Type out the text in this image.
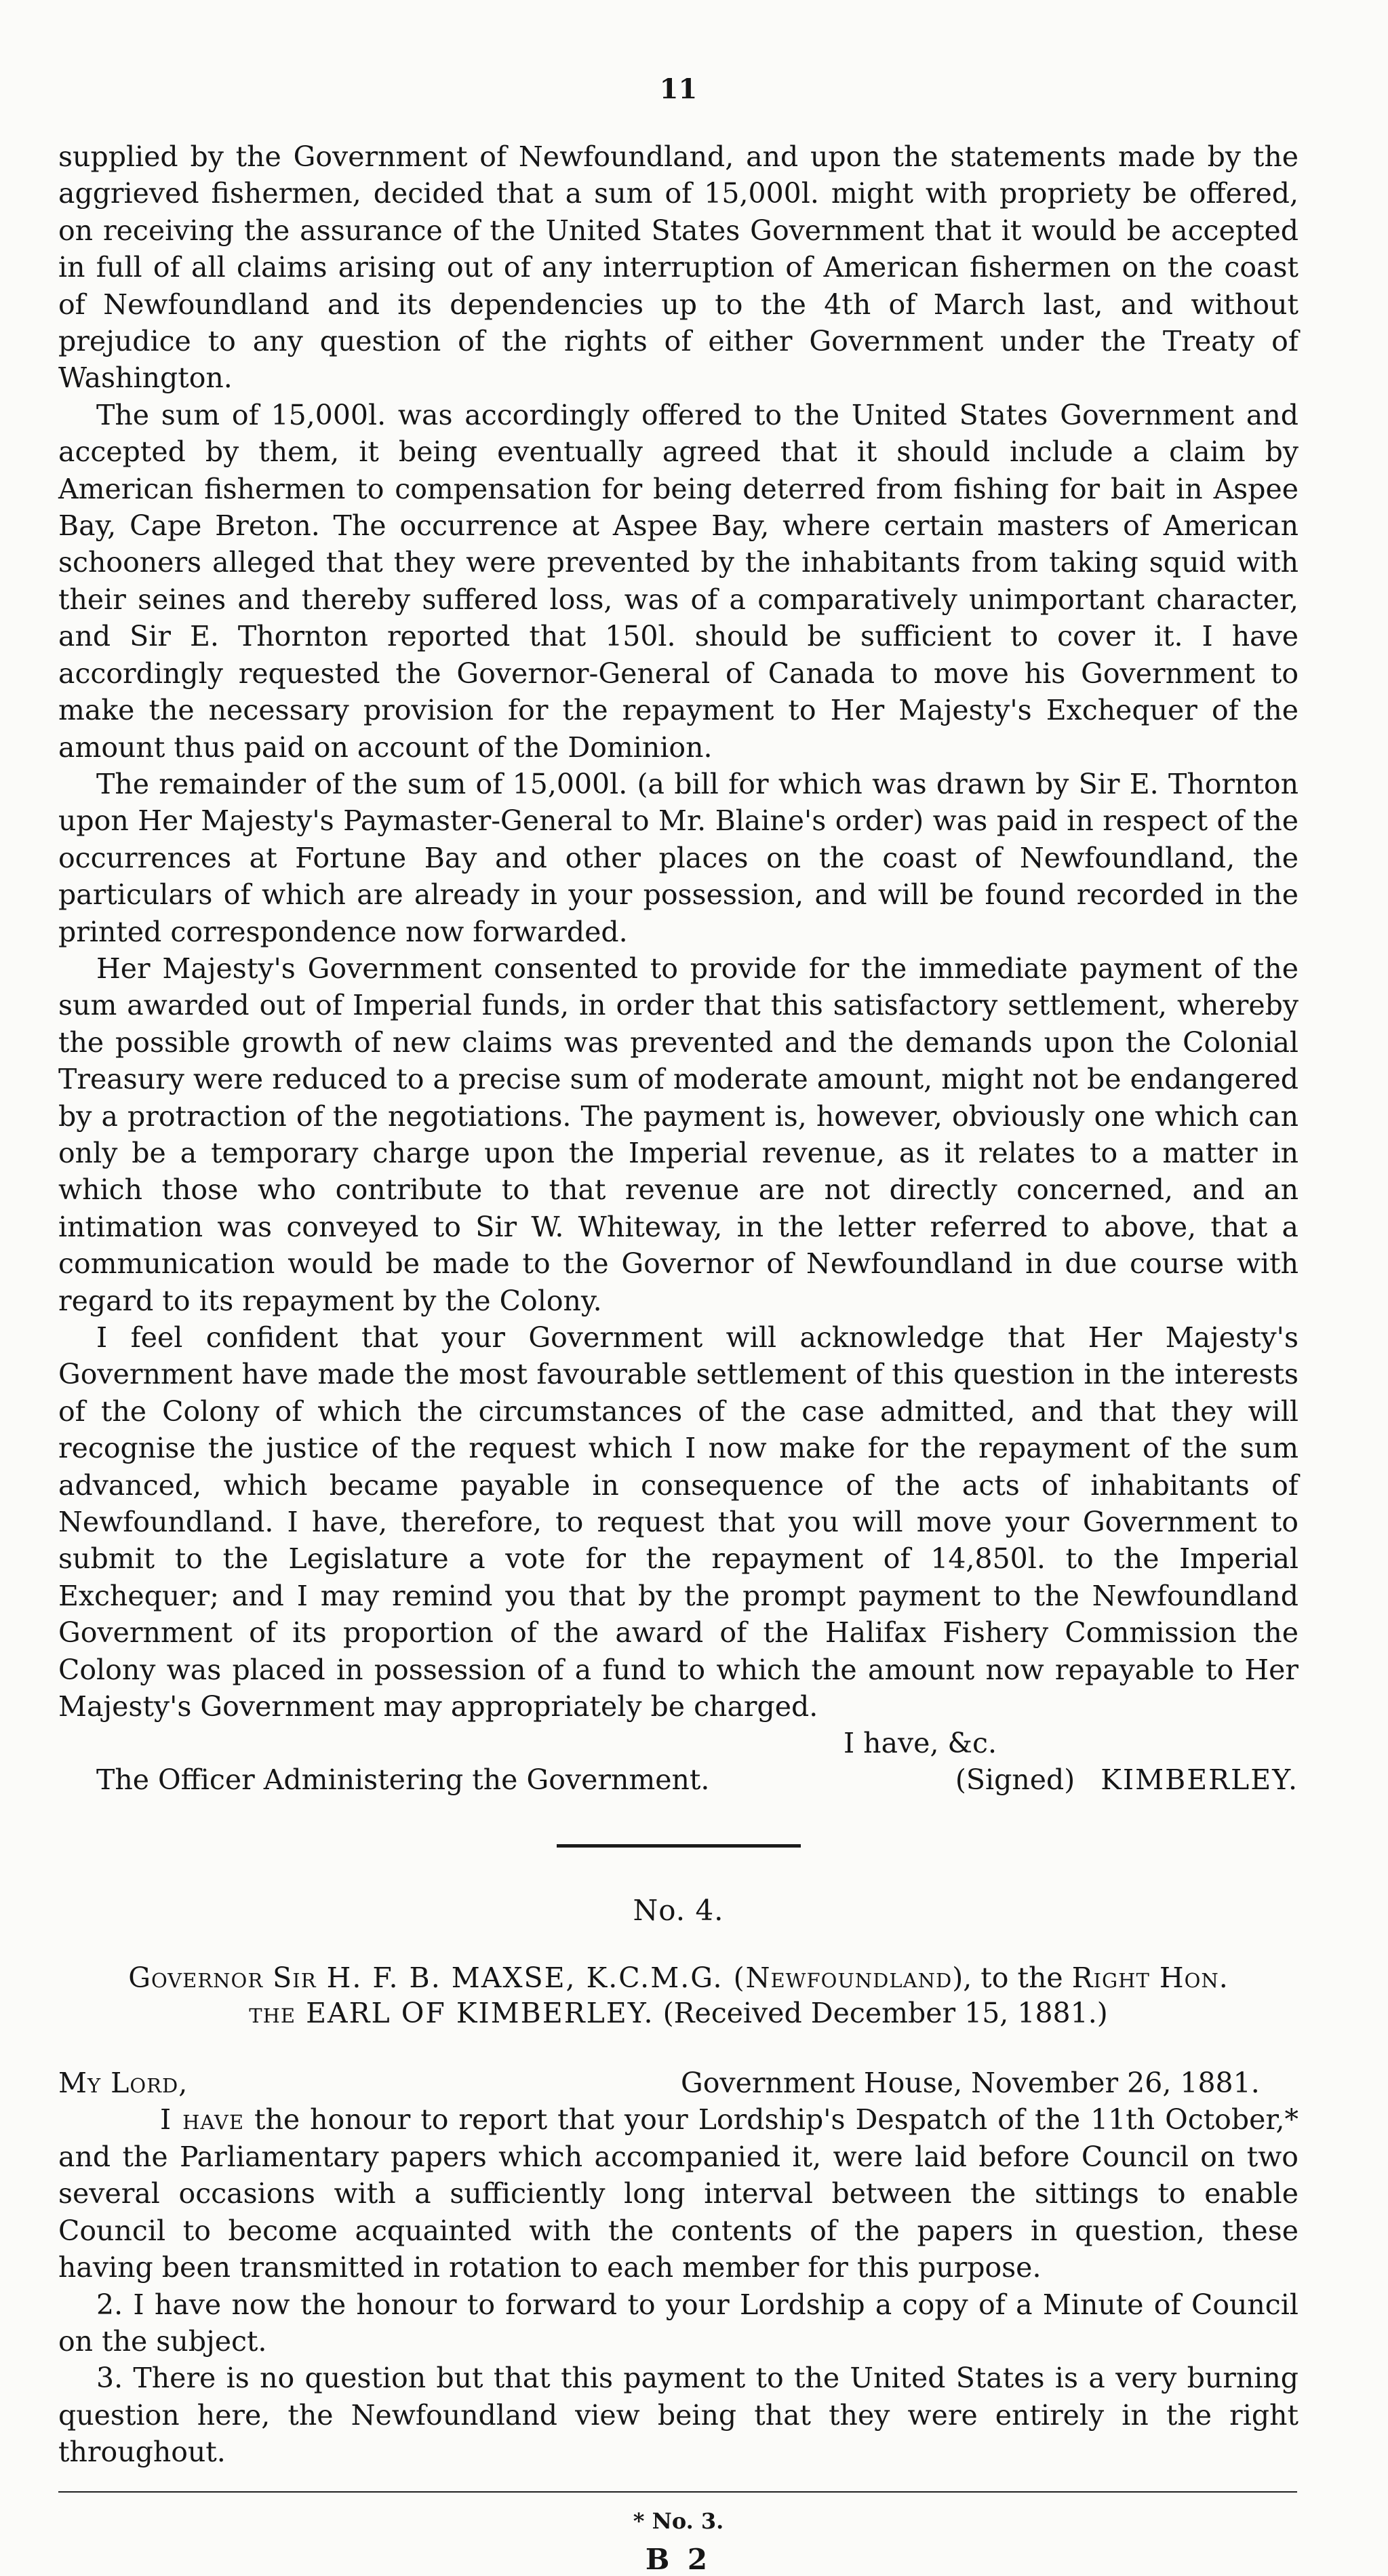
11

supplied by the Government of Newfoundland, and upon the statements made by the aggrieved fishermen, decided that a sum of 15,000l. might with propriety be offered, on receiving the assurance of the United States Government that it would be accepted in full of all claims arising out of any interruption of American fishermen on the coast of Newfoundland and its dependencies up to the 4th of March last, and without prejudice to any question of the rights of either Government under the Treaty of Washington.

The sum of 15,000l. was accordingly offered to the United States Government and accepted by them, it being eventually agreed that it should include a claim by American fishermen to compensation for being deterred from fishing for bait in Aspee Bay, Cape Breton. The occurrence at Aspee Bay, where certain masters of American schooners alleged that they were prevented by the inhabitants from taking squid with their seines and thereby suffered loss, was of a comparatively unimportant character, and Sir E. Thornton reported that 150l. should be sufficient to cover it. I have accordingly requested the Governor-General of Canada to move his Government to make the necessary provision for the repayment to Her Majesty's Exchequer of the amount thus paid on account of the Dominion.

The remainder of the sum of 15,000l. (a bill for which was drawn by Sir E. Thornton upon Her Majesty's Paymaster-General to Mr. Blaine's order) was paid in respect of the occurrences at Fortune Bay and other places on the coast of Newfoundland, the particulars of which are already in your possession, and will be found recorded in the printed correspondence now forwarded.

Her Majesty's Government consented to provide for the immediate payment of the sum awarded out of Imperial funds, in order that this satisfactory settlement, whereby the possible growth of new claims was prevented and the demands upon the Colonial Treasury were reduced to a precise sum of moderate amount, might not be endangered by a protraction of the negotiations. The payment is, however, obviously one which can only be a temporary charge upon the Imperial revenue, as it relates to a matter in which those who contribute to that revenue are not directly concerned, and an intimation was conveyed to Sir W. Whiteway, in the letter referred to above, that a communication would be made to the Governor of Newfoundland in due course with regard to its repayment by the Colony.

I feel confident that your Government will acknowledge that Her Majesty's Government have made the most favourable settlement of this question in the interests of the Colony of which the circumstances of the case admitted, and that they will recognise the justice of the request which I now make for the repayment of the sum advanced, which became payable in consequence of the acts of inhabitants of Newfoundland. I have, therefore, to request that you will move your Government to submit to the Legislature a vote for the repayment of 14,850l. to the Imperial Exchequer; and I may remind you that by the prompt payment to the Newfoundland Government of its proportion of the award of the Halifax Fishery Commission the Colony was placed in possession of a fund to which the amount now repayable to Her Majesty's Government may appropriately be charged.

I have, &c.
The Officer Administering the Government.	(Signed) KIMBERLEY.
No. 4.
Governor Sir H. F. B. MAXSE, K.C.M.G. (Newfoundland), to the Right Hon.
the EARL OF KIMBERLEY. (Received December 15, 1881.)
My Lord,	Government House, November 26, 1881.

I have the honour to report that your Lordship's Despatch of the 11th October,* and the Parliamentary papers which accompanied it, were laid before Council on two several occasions with a sufficiently long interval between the sittings to enable Council to become acquainted with the contents of the papers in question, these having been transmitted in rotation to each member for this purpose.

2. I have now the honour to forward to your Lordship a copy of a Minute of Council on the subject.

3. There is no question but that this payment to the United States is a very burning question here, the Newfoundland view being that they were entirely in the right throughout.

* No. 3.
B 2
